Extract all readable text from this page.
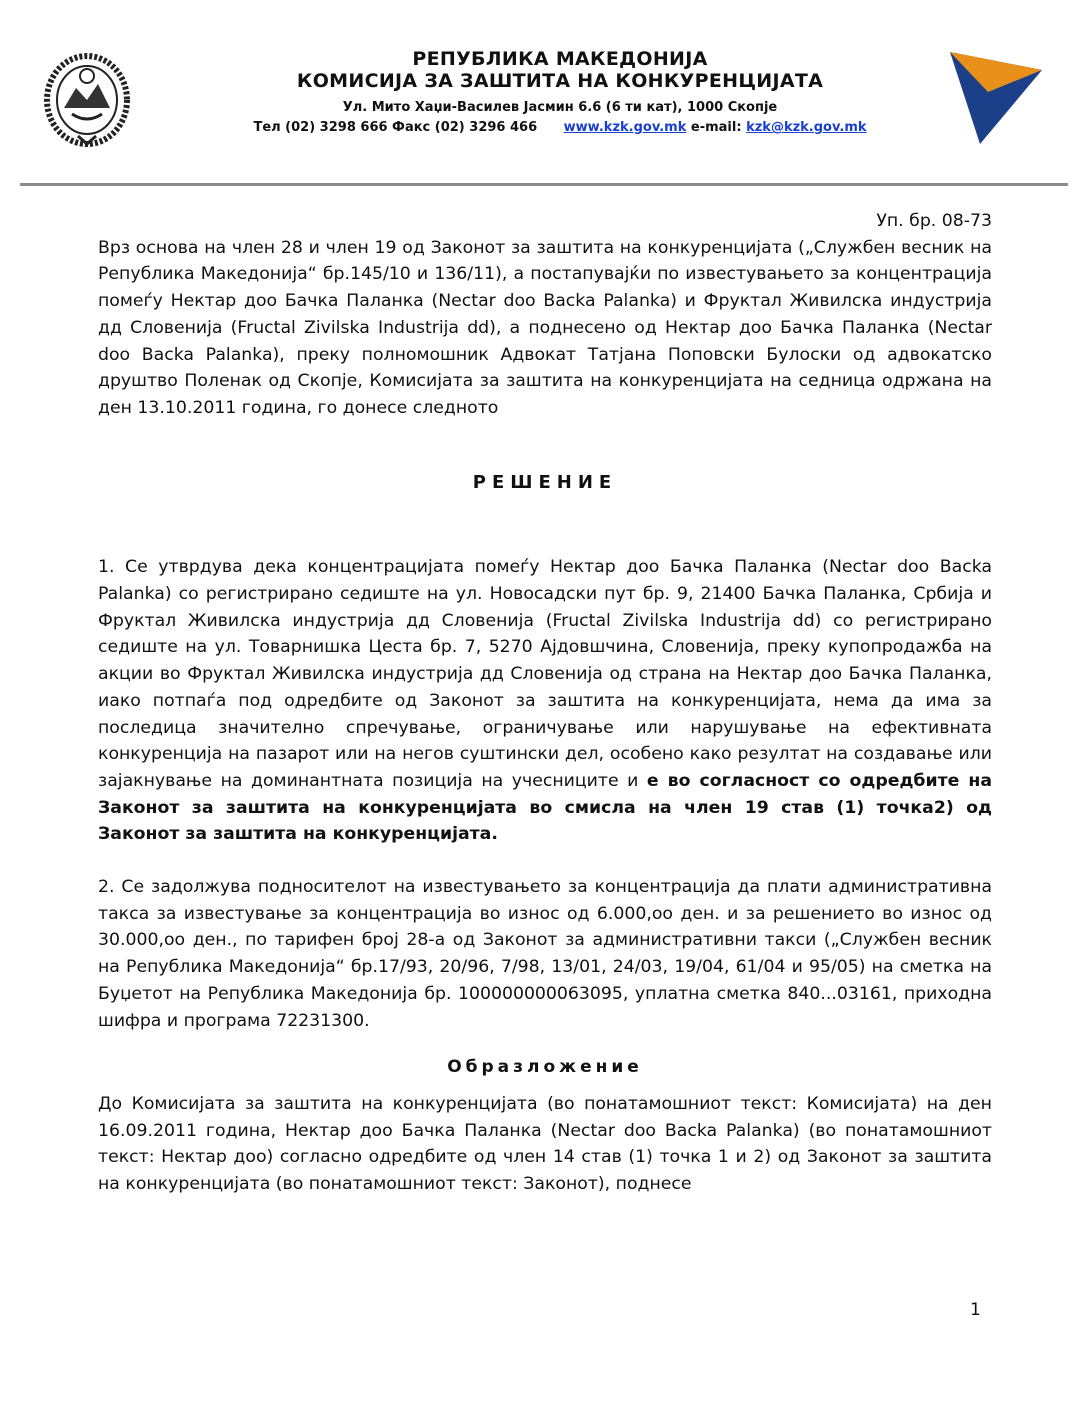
РЕПУБЛИКА МАКЕДОНИЈА
КОМИСИЈА ЗА ЗАШТИТА НА КОНКУРЕНЦИЈАТА
Ул. Мито Хаџи-Василев Јасмин 6.6 (6 ти кат), 1000 Скопје
Тел (02) 3298 666 Факс (02) 3296 466 www.kzk.gov.mk e-mail: kzk@kzk.gov.mk
Уп. бр. 08-73

Врз основа на член 28 и член 19 од Законот за заштита на конкуренцијата („Службен весник на Република Македонија“ бр.145/10 и 136/11), а постапувајќи по известувањето за концентрација помеѓу Нектар доо Бачка Паланка (Nectar doo Backa Palanka) и Фруктал Живилска индустрија дд Словенија (Fructal Zivilska Industrija dd), а поднесено од Нектар доо Бачка Паланка (Nectar doo Backa Palanka), преку полномошник Адвокат Татјана Поповски Булоски од адвокатско друштво Поленак од Скопје, Комисијата за заштита на конкуренцијата на седница одржана на ден 13.10.2011 година, го донесе следното

РЕШЕНИЕ

1. Се утврдува дека концентрацијата помеѓу Нектар доо Бачка Паланка (Nectar doo Backa Palanka) со регистрирано седиште на ул. Новосадски пут бр. 9, 21400 Бачка Паланка, Србија и Фруктал Живилска индустрија дд Словенија (Fructal Zivilska Industrija dd) со регистрирано седиште на ул. Товарнишка Цеста бр. 7, 5270 Ајдовшчина, Словенија, преку купопродажба на акции во Фруктал Живилска индустрија дд Словенија од страна на Нектар доо Бачка Паланка, иако потпаѓа под одредбите од Законот за заштита на конкуренцијата, нема да има за последица значително спречување, ограничување или нарушување на ефективната конкуренција на пазарот или на негов суштински дел, особено како резултат на создавање или зајакнување на доминантната позиција на учесниците и е во согласност со одредбите на Законот за заштита на конкуренцијата во смисла на член 19 став (1) точка2) од Законот за заштита на конкуренцијата.

2. Се задолжува подносителот на известувањето за концентрација да плати административна такса за известување за концентрација во износ од 6.000,оо ден. и за решението во износ од 30.000,оо ден., по тарифен број 28-а од Законот за административни такси („Службен весник на Република Македонија“ бр.17/93, 20/96, 7/98, 13/01, 24/03, 19/04, 61/04 и 95/05) на сметка на Буџетот на Република Македонија бр. 100000000063095, уплатна сметка 840...03161, приходна шифра и програма 72231300.

Образложение

До Комисијата за заштита на конкуренцијата (во понатамошниот текст: Комисијата) на ден 16.09.2011 година, Нектар доо Бачка Паланка (Nectar doo Backa Palanka) (во понатамошниот текст: Нектар доо) согласно одредбите од член 14 став (1) точка 1 и 2) од Законот за заштита на конкуренцијата (во понатамошниот текст: Законот), поднесе

1
